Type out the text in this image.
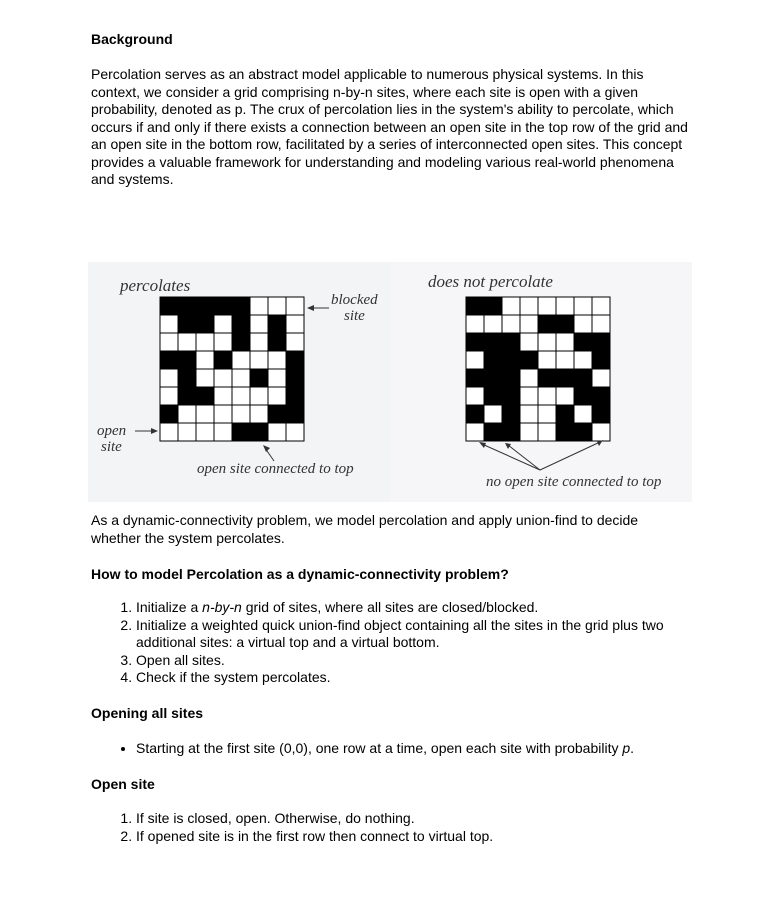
Background
Percolation serves as an abstract model applicable to numerous physical systems. In this context, we consider a grid comprising n-by-n sites, where each site is open with a given probability, denoted as p. The crux of percolation lies in the system's ability to percolate, which occurs if and only if there exists a connection between an open site in the top row of the grid and an open site in the bottom row, facilitated by a series of interconnected open sites. This concept provides a valuable framework for understanding and modeling various real-world phenomena and systems.
percolates	does not percolate
blocked
site
open
site
open site connected to top
no open site connected to top
As a dynamic-connectivity problem, we model percolation and apply union-find to decide whether the system percolates.
How to model Percolation as a dynamic-connectivity problem?
1. Initialize a n-by-n grid of sites, where all sites are closed/blocked.
2. Initialize a weighted quick union-find object containing all the sites in the grid plus two additional sites: a virtual top and a virtual bottom.
3. Open all sites.
4. Check if the system percolates.
Opening all sites
• Starting at the first site (0,0), one row at a time, open each site with probability p.
Open site
1. If site is closed, open. Otherwise, do nothing.
2. If opened site is in the first row then connect to virtual top.
